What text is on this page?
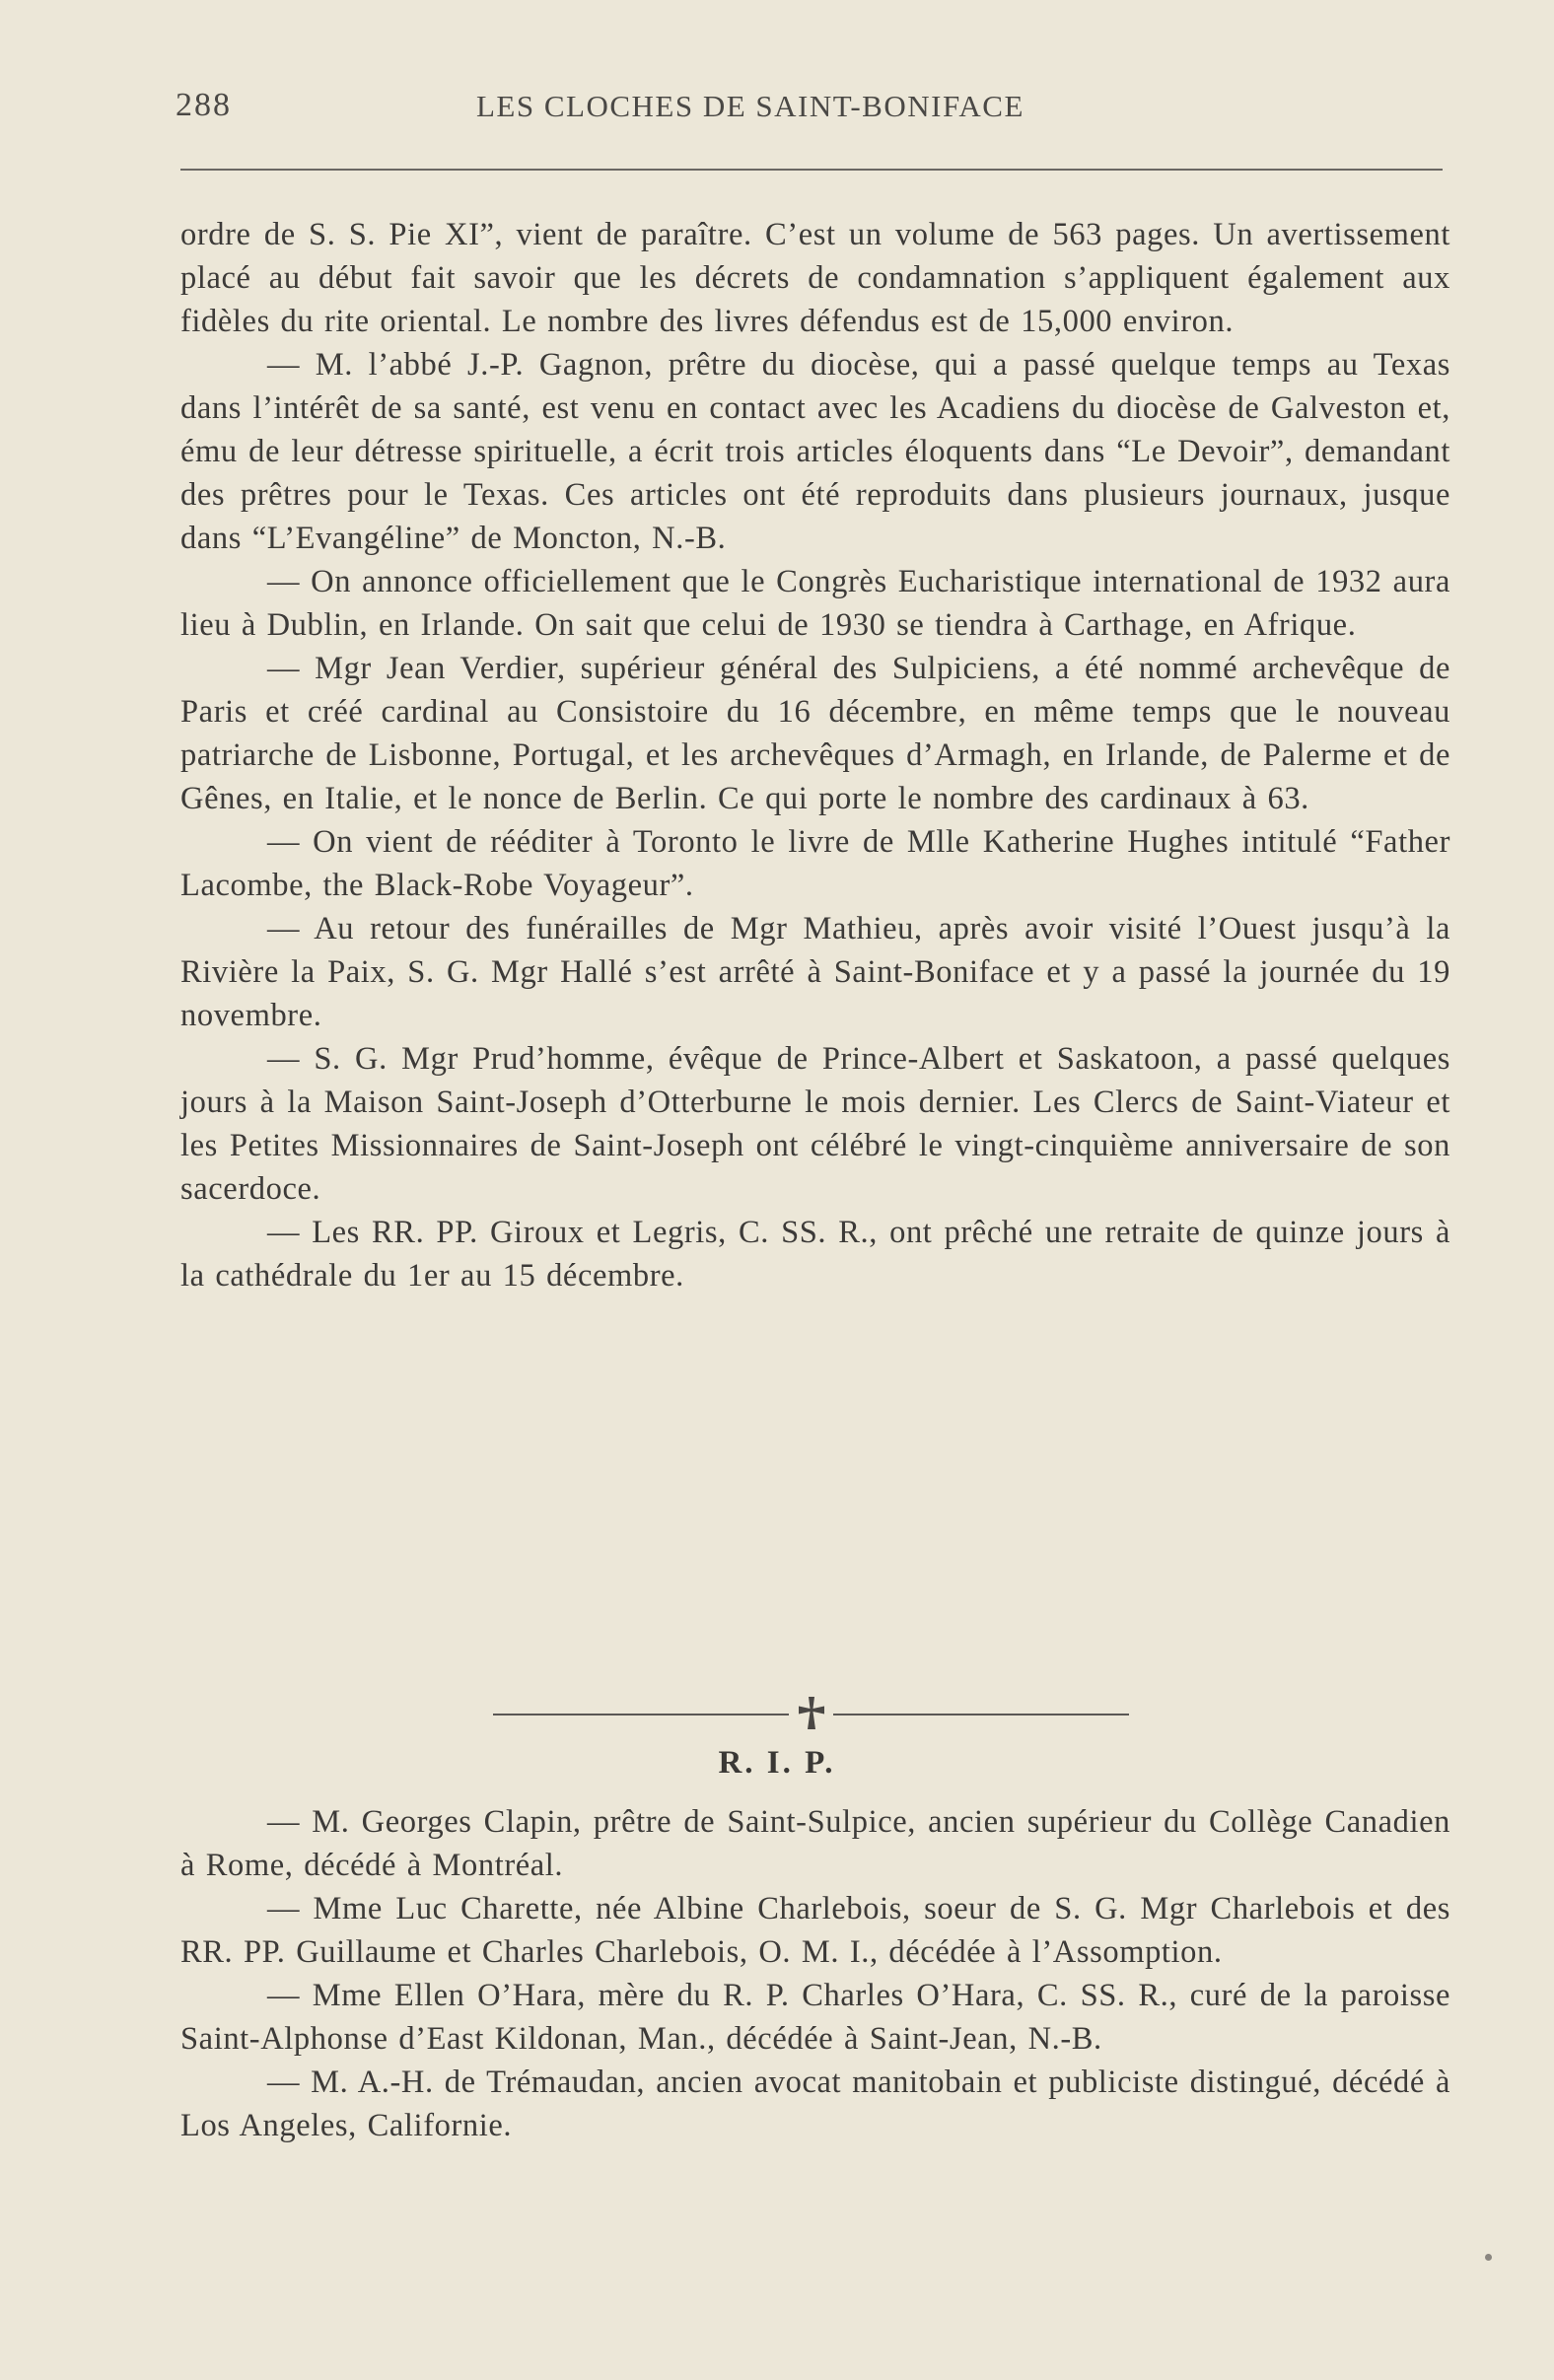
288	LES CLOCHES DE SAINT-BONIFACE

ordre de S. S. Pie XI”, vient de paraître. C’est un volume de 563 pages. Un avertissement placé au début fait savoir que les décrets de condamnation s’appliquent également aux fidèles du rite oriental. Le nombre des livres défendus est de 15,000 environ.

— M. l’abbé J.-P. Gagnon, prêtre du diocèse, qui a passé quelque temps au Texas dans l’intérêt de sa santé, est venu en contact avec les Acadiens du diocèse de Galveston et, ému de leur détresse spirituelle, a écrit trois articles éloquents dans “Le Devoir”, demandant des prêtres pour le Texas. Ces articles ont été reproduits dans plusieurs journaux, jusque dans “L’Evangéline” de Moncton, N.-B.

— On annonce officiellement que le Congrès Eucharistique international de 1932 aura lieu à Dublin, en Irlande. On sait que celui de 1930 se tiendra à Carthage, en Afrique.

— Mgr Jean Verdier, supérieur général des Sulpiciens, a été nommé archevêque de Paris et créé cardinal au Consistoire du 16 décembre, en même temps que le nouveau patriarche de Lisbonne, Portugal, et les archevêques d’Armagh, en Irlande, de Palerme et de Gênes, en Italie, et le nonce de Berlin. Ce qui porte le nombre des cardinaux à 63.

— On vient de rééditer à Toronto le livre de Mlle Katherine Hughes intitulé “Father Lacombe, the Black-Robe Voyageur”.

— Au retour des funérailles de Mgr Mathieu, après avoir visité l’Ouest jusqu’à la Rivière la Paix, S. G. Mgr Hallé s’est arrêté à Saint-Boniface et y a passé la journée du 19 novembre.

— S. G. Mgr Prud’homme, évêque de Prince-Albert et Saskatoon, a passé quelques jours à la Maison Saint-Joseph d’Otterburne le mois dernier. Les Clercs de Saint-Viateur et les Petites Missionnaires de Saint-Joseph ont célébré le vingt-cinquième anniversaire de son sacerdoce.

— Les RR. PP. Giroux et Legris, C. SS. R., ont prêché une retraite de quinze jours à la cathédrale du 1er au 15 décembre.

R. I. P.

— M. Georges Clapin, prêtre de Saint-Sulpice, ancien supérieur du Collège Canadien à Rome, décédé à Montréal.

— Mme Luc Charette, née Albine Charlebois, soeur de S. G. Mgr Charlebois et des RR. PP. Guillaume et Charles Charlebois, O. M. I., décédée à l’Assomption.

— Mme Ellen O’Hara, mère du R. P. Charles O’Hara, C. SS. R., curé de la paroisse Saint-Alphonse d’East Kildonan, Man., décédée à Saint-Jean, N.-B.

— M. A.-H. de Trémaudan, ancien avocat manitobain et publiciste distingué, décédé à Los Angeles, Californie.
